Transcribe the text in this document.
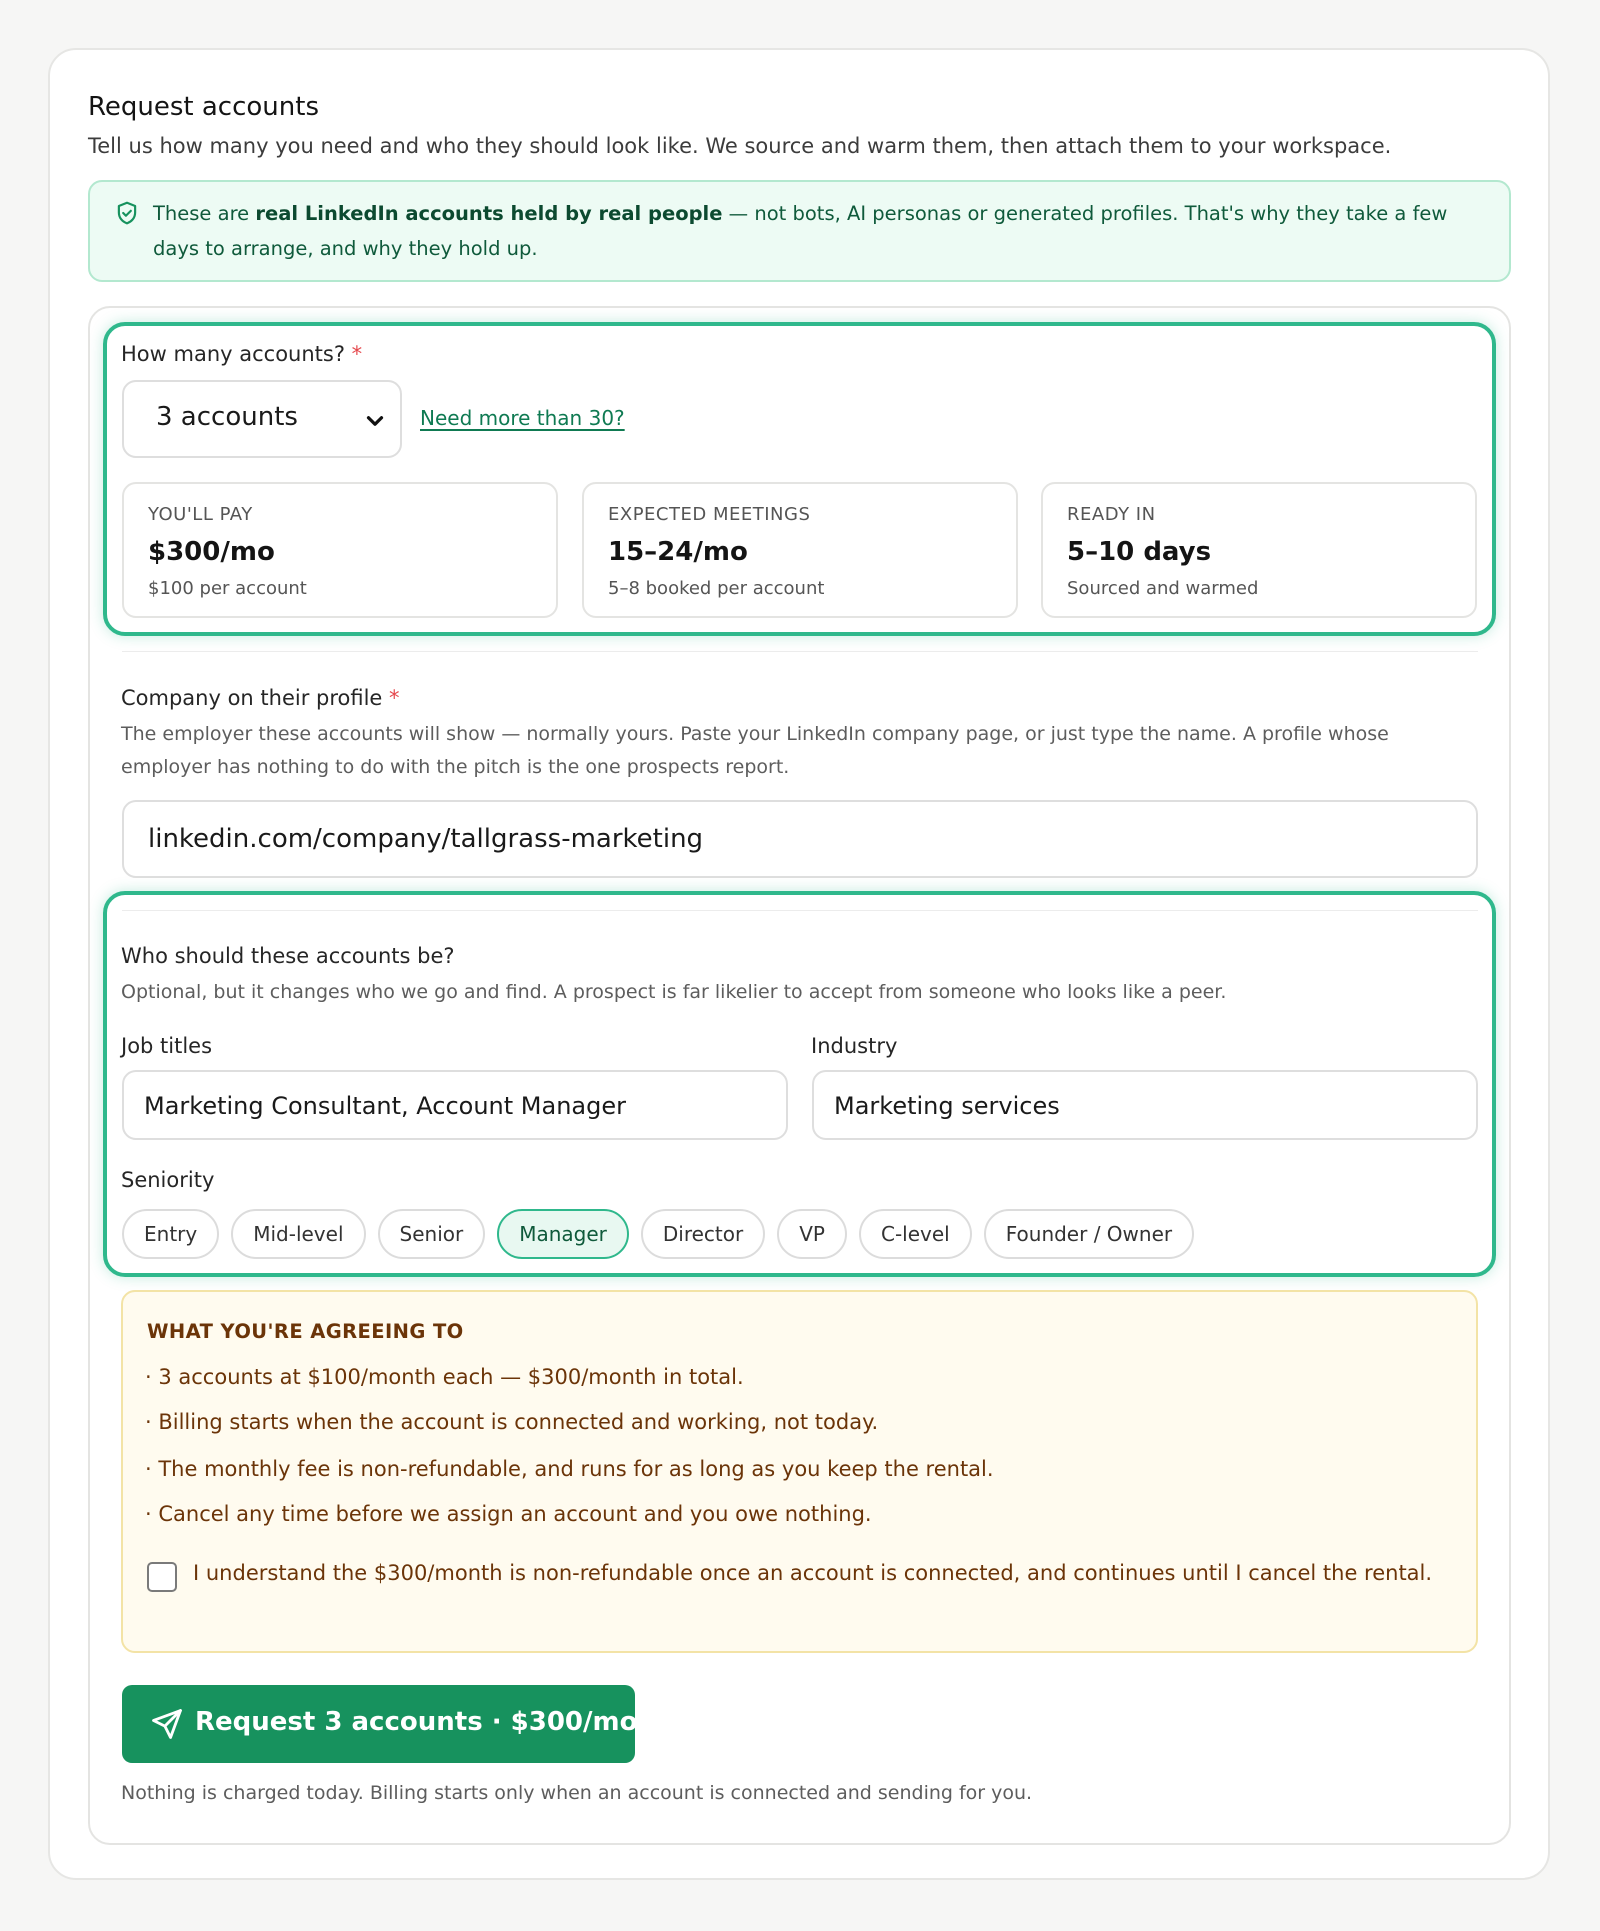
Request accounts
Tell us how many you need and who they should look like. We source and warm them, then attach them to your workspace.
These are real LinkedIn accounts held by real people — not bots, AI personas or generated profiles. That's why they take a few days to arrange, and why they hold up.
How many accounts? *
3 accounts	Need more than 30?
YOU'LL PAY
$300/mo
$100 per account
EXPECTED MEETINGS
15–24/mo
5–8 booked per account
READY IN
5–10 days
Sourced and warmed
Company on their profile *
The employer these accounts will show — normally yours. Paste your LinkedIn company page, or just type the name. A profile whose employer has nothing to do with the pitch is the one prospects report.
linkedin.com/company/tallgrass-marketing
Who should these accounts be?
Optional, but it changes who we go and find. A prospect is far likelier to accept from someone who looks like a peer.
Job titles	Industry
Marketing Consultant, Account Manager	Marketing services
Seniority
Entry	Mid-level	Senior	Manager	Director	VP	C-level	Founder / Owner
WHAT YOU'RE AGREEING TO
· 3 accounts at $100/month each — $300/month in total.
· Billing starts when the account is connected and working, not today.
· The monthly fee is non-refundable, and runs for as long as you keep the rental.
· Cancel any time before we assign an account and you owe nothing.
I understand the $300/month is non-refundable once an account is connected, and continues until I cancel the rental.
Request 3 accounts · $300/mo
Nothing is charged today. Billing starts only when an account is connected and sending for you.
